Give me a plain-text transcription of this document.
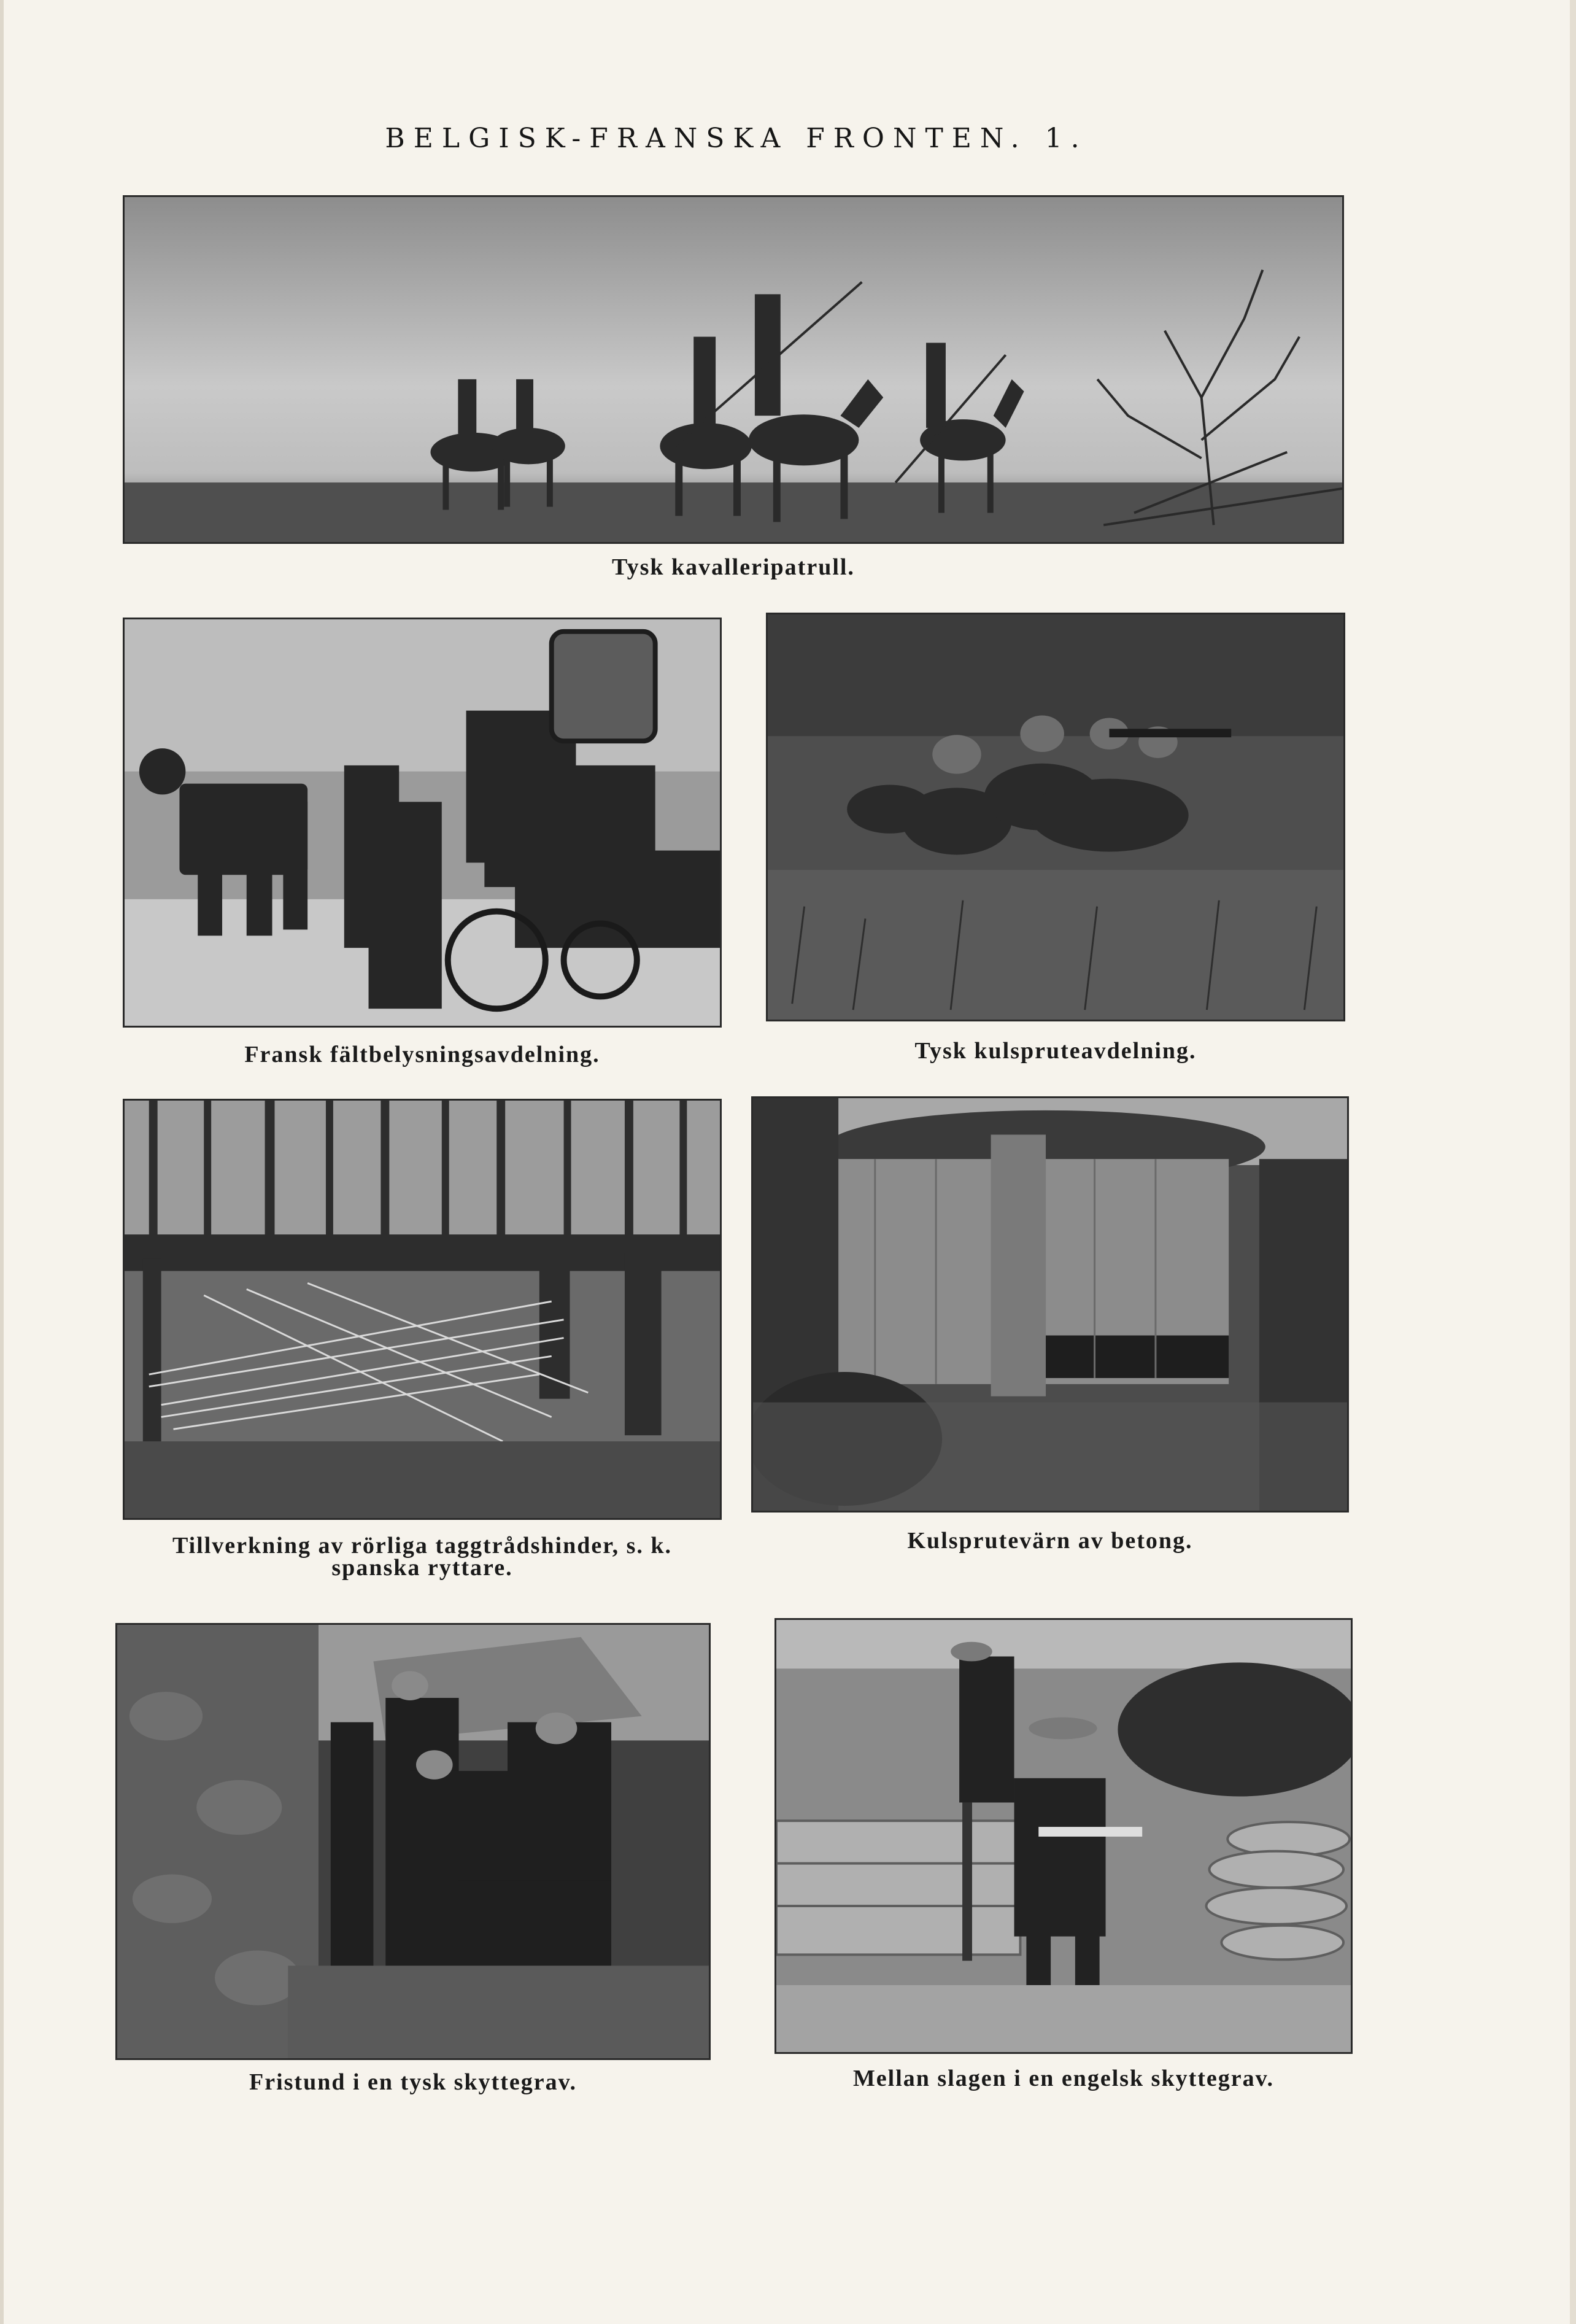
BELGISK-FRANSKA FRONTEN. 1.
Tysk kavalleripatrull.
Fransk fältbelysningsavdelning.	Tysk kulspruteavdelning.
Tillverkning av rörliga taggtrådshinder, s. k.
spanska ryttare.
Kulsprutevärn av betong.
Fristund i en tysk skyttegrav.	Mellan slagen i en engelsk skyttegrav.
